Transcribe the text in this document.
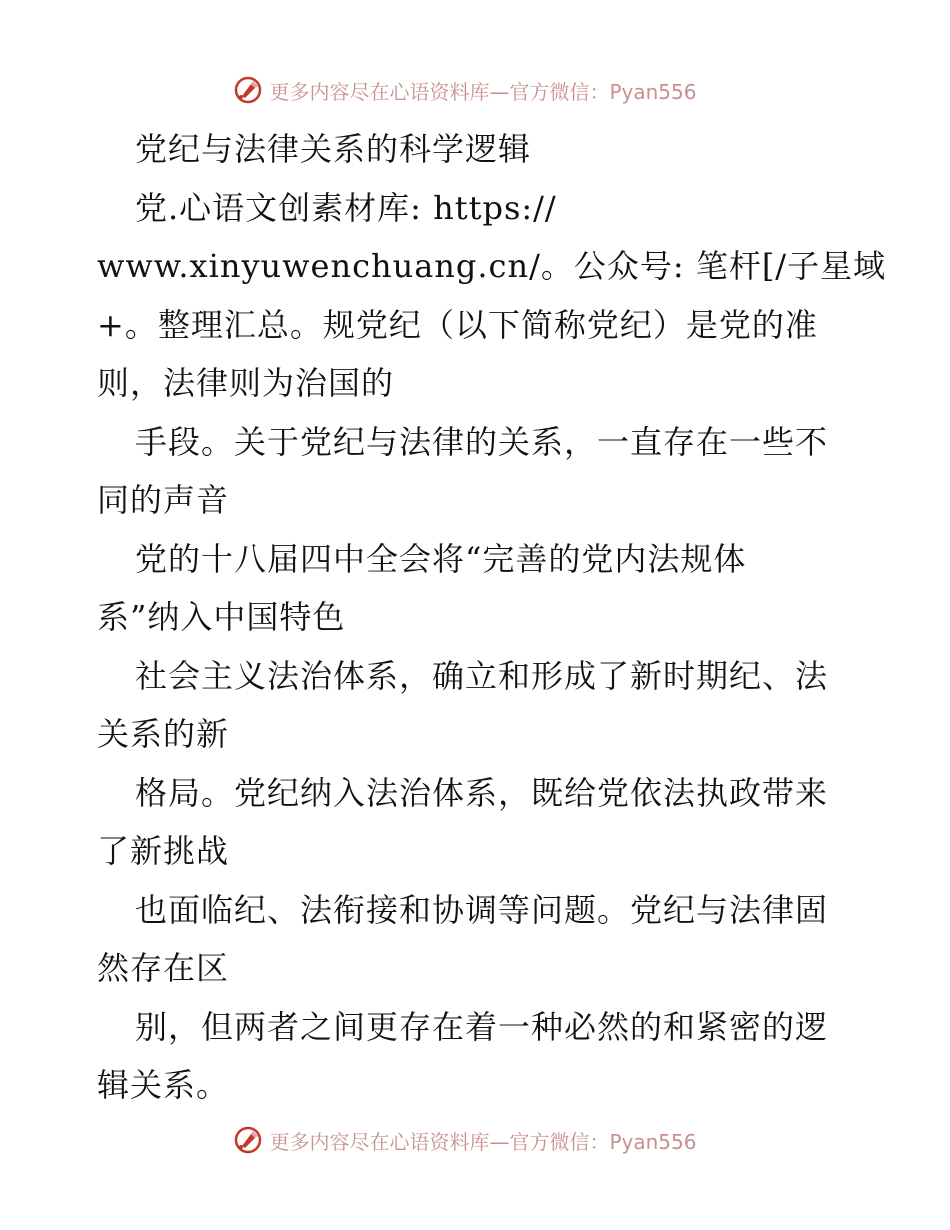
更多内容尽在心语资料库—官方微信：Pyan556
党纪与法律关系的科学逻辑
党.心语文创素材库: https://
www.xinyuwenchuang.cn/。公众号: 笔杆[/子星域
+。整理汇总。规党纪（以下简称党纪）是党的准
则，法律则为治国的
手段。关于党纪与法律的关系，一直存在一些不
同的声音
党的十八届四中全会将“完善的党内法规体
系”纳入中国特色
社会主义法治体系，确立和形成了新时期纪、法
关系的新
格局。党纪纳入法治体系，既给党依法执政带来
了新挑战
也面临纪、法衔接和协调等问题。党纪与法律固
然存在区
别，但两者之间更存在着一种必然的和紧密的逻
辑关系。
更多内容尽在心语资料库—官方微信：Pyan556
